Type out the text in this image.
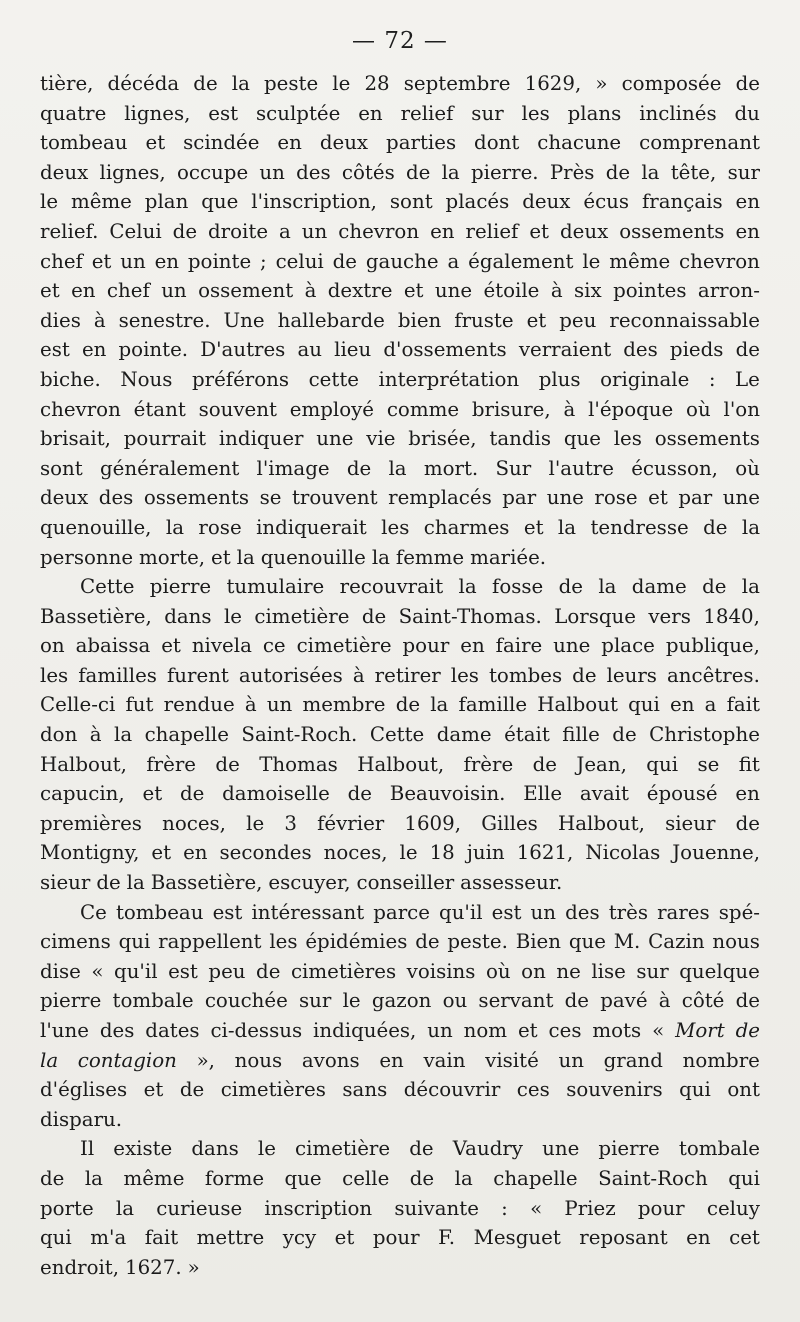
— 72 —
tière, décéda de la peste le 28 septembre 1629, » composée de
quatre lignes, est sculptée en relief sur les plans inclinés du
tombeau et scindée en deux parties dont chacune comprenant
deux lignes, occupe un des côtés de la pierre. Près de la tête, sur
le même plan que l'inscription, sont placés deux écus français en
relief. Celui de droite a un chevron en relief et deux ossements en
chef et un en pointe ; celui de gauche a également le même chevron
et en chef un ossement à dextre et une étoile à six pointes arron-
dies à senestre. Une hallebarde bien fruste et peu reconnaissable
est en pointe. D'autres au lieu d'ossements verraient des pieds de
biche. Nous préférons cette interprétation plus originale : Le
chevron étant souvent employé comme brisure, à l'époque où l'on
brisait, pourrait indiquer une vie brisée, tandis que les ossements
sont généralement l'image de la mort. Sur l'autre écusson, où
deux des ossements se trouvent remplacés par une rose et par une
quenouille, la rose indiquerait les charmes et la tendresse de la
personne morte, et la quenouille la femme mariée.
Cette pierre tumulaire recouvrait la fosse de la dame de la
Bassetière, dans le cimetière de Saint-Thomas. Lorsque vers 1840,
on abaissa et nivela ce cimetière pour en faire une place publique,
les familles furent autorisées à retirer les tombes de leurs ancêtres.
Celle-ci fut rendue à un membre de la famille Halbout qui en a fait
don à la chapelle Saint-Roch. Cette dame était fille de Christophe
Halbout, frère de Thomas Halbout, frère de Jean, qui se fit
capucin, et de damoiselle de Beauvoisin. Elle avait épousé en
premières noces, le 3 février 1609, Gilles Halbout, sieur de
Montigny, et en secondes noces, le 18 juin 1621, Nicolas Jouenne,
sieur de la Bassetière, escuyer, conseiller assesseur.
Ce tombeau est intéressant parce qu'il est un des très rares spé-
cimens qui rappellent les épidémies de peste. Bien que M. Cazin nous
dise « qu'il est peu de cimetières voisins où on ne lise sur quelque
pierre tombale couchée sur le gazon ou servant de pavé à côté de
l'une des dates ci-dessus indiquées, un nom et ces mots « Mort de
la contagion », nous avons en vain visité un grand nombre
d'églises et de cimetières sans découvrir ces souvenirs qui ont
disparu.
Il existe dans le cimetière de Vaudry une pierre tombale
de la même forme que celle de la chapelle Saint-Roch qui
porte la curieuse inscription suivante : « Priez pour celuy
qui m'a fait mettre ycy et pour F. Mesguet reposant en cet
endroit, 1627. »
